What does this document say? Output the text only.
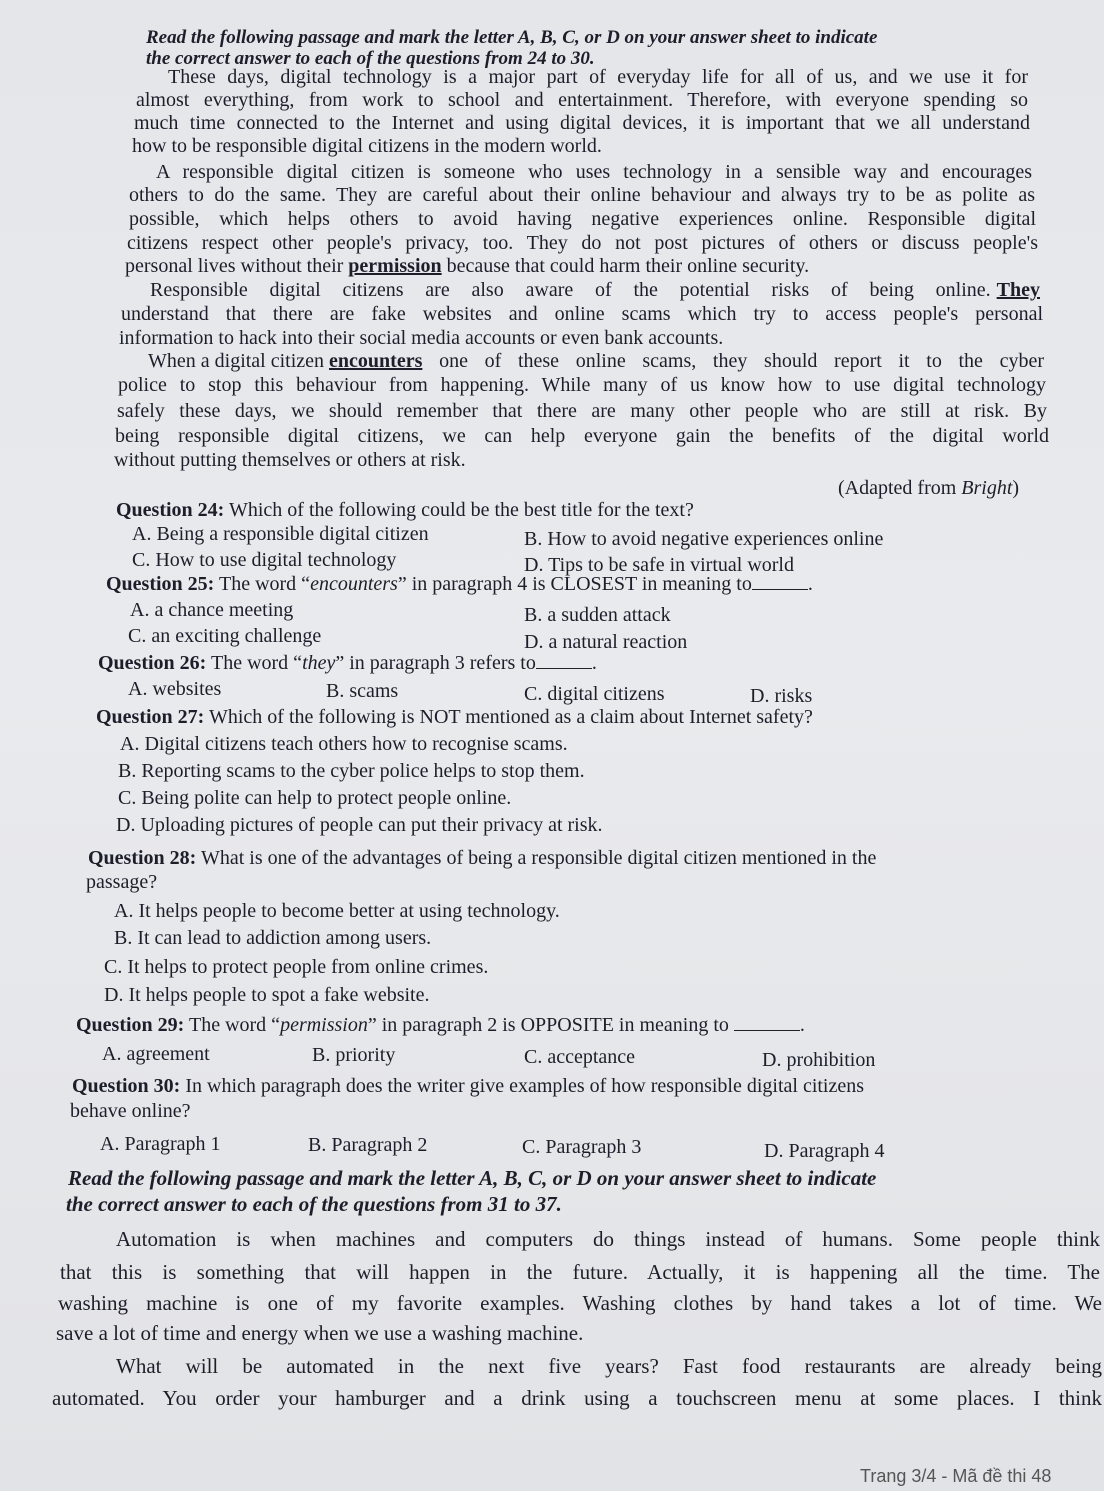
Read the following passage and mark the letter A, B, C, or D on your answer sheet to indicate
the correct answer to each of the questions from 24 to 30.
These days, digital technology is a major part of everyday life for all of us, and we use it for
almost everything, from work to school and entertainment. Therefore, with everyone spending so
much time connected to the Internet and using digital devices, it is important that we all understand
how to be responsible digital citizens in the modern world.
A responsible digital citizen is someone who uses technology in a sensible way and encourages
others to do the same. They are careful about their online behaviour and always try to be as polite as
possible, which helps others to avoid having negative experiences online. Responsible digital
citizens respect other people's privacy, too. They do not post pictures of others or discuss people's
personal lives without their permission because that could harm their online security.
Responsible digital citizens are also aware of the potential risks of being online. They
understand that there are fake websites and online scams which try to access people's personal
information to hack into their social media accounts or even bank accounts.
When a digital citizen encounters one of these online scams, they should report it to the cyber
police to stop this behaviour from happening. While many of us know how to use digital technology
safely these days, we should remember that there are many other people who are still at risk. By
being responsible digital citizens, we can help everyone gain the benefits of the digital world
without putting themselves or others at risk.
(Adapted from Bright)
Question 24: Which of the following could be the best title for the text?
A. Being a responsible digital citizen	B. How to avoid negative experiences online
C. How to use digital technology	D. Tips to be safe in virtual world
Question 25: The word “encounters” in paragraph 4 is CLOSEST in meaning to	.
A. a chance meeting	B. a sudden attack
C. an exciting challenge	D. a natural reaction
Question 26: The word “they” in paragraph 3 refers to	.
A. websites	B. scams	C. digital citizens	D. risks
Question 27: Which of the following is NOT mentioned as a claim about Internet safety?
A. Digital citizens teach others how to recognise scams.
B. Reporting scams to the cyber police helps to stop them.
C. Being polite can help to protect people online.
D. Uploading pictures of people can put their privacy at risk.
Question 28: What is one of the advantages of being a responsible digital citizen mentioned in the
passage?
A. It helps people to become better at using technology.
B. It can lead to addiction among users.
C. It helps to protect people from online crimes.
D. It helps people to spot a fake website.
Question 29: The word “permission” in paragraph 2 is OPPOSITE in meaning to	.
A. agreement	B. priority	C. acceptance	D. prohibition
Question 30: In which paragraph does the writer give examples of how responsible digital citizens
behave online?
A. Paragraph 1	B. Paragraph 2	C. Paragraph 3	D. Paragraph 4
Read the following passage and mark the letter A, B, C, or D on your answer sheet to indicate
the correct answer to each of the questions from 31 to 37.
Automation is when machines and computers do things instead of humans. Some people think
that this is something that will happen in the future. Actually, it is happening all the time. The
washing machine is one of my favorite examples. Washing clothes by hand takes a lot of time. We
save a lot of time and energy when we use a washing machine.
What will be automated in the next five years? Fast food restaurants are already being
automated. You order your hamburger and a drink using a touchscreen menu at some places. I think
Trang 3/4 - Mã đề thi 48
